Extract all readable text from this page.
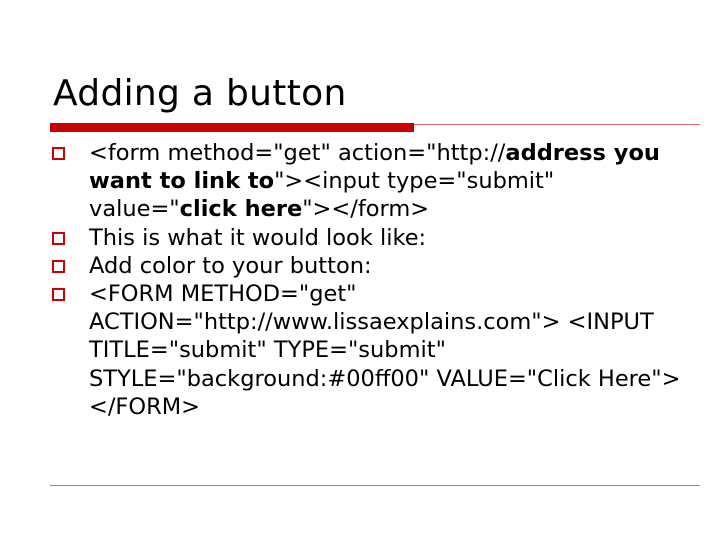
Adding a button
<form method="get" action="http://address you want to link to"><input type="submit" value="click here"></form>
This is what it would look like:
Add color to your button:
<FORM METHOD="get" ACTION="http://www.lissaexplains.com"> <INPUT TITLE="submit" TYPE="submit" STYLE="background:#00ff00" VALUE="Click Here"></FORM>
